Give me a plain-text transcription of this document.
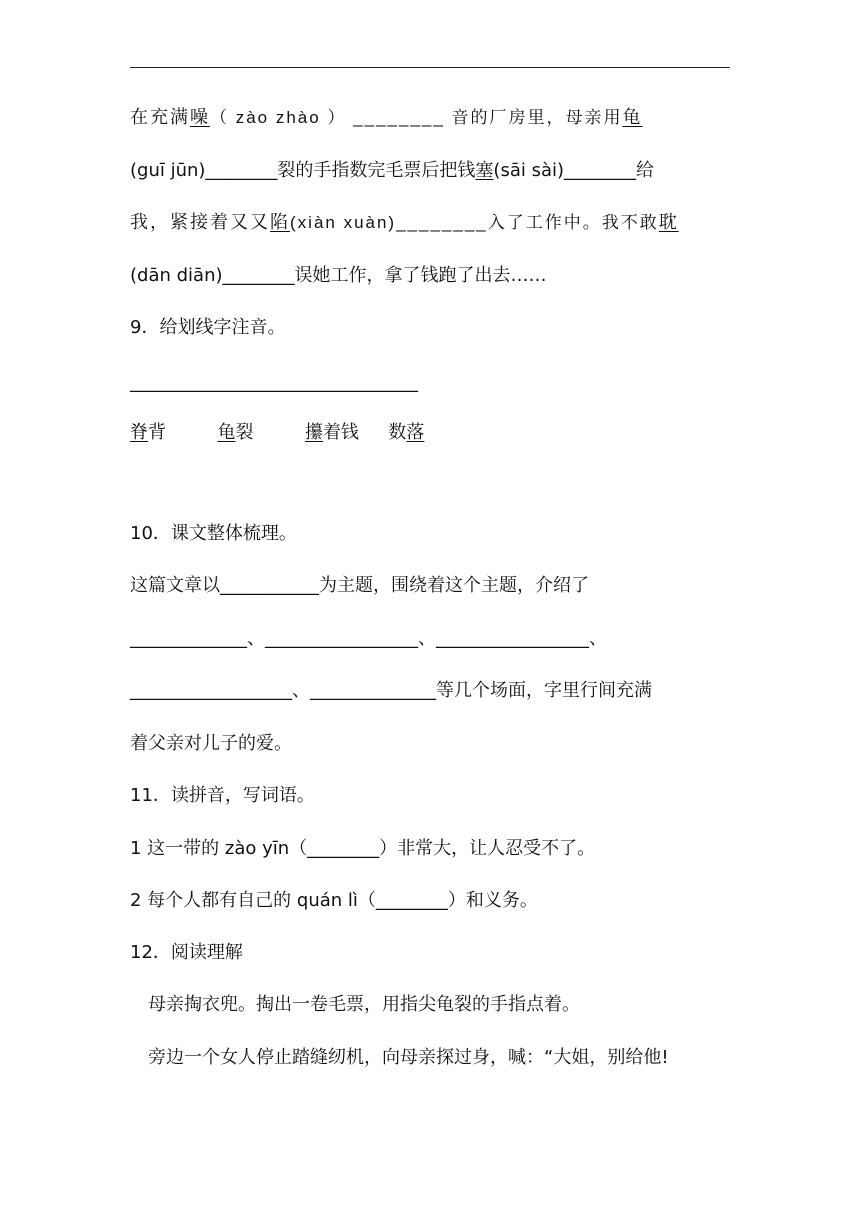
在充满噪（ zào zhào ） ________ 音的厂房里，母亲用龟
(guī jūn)________裂的手指数完毛票后把钱塞(sāi sài)________给
我，紧接着又又陷(xiàn xuàn)________入了工作中。我不敢耽
(dān diān)________误她工作，拿了钱跑了出去……
9．给划线字注音。
________________________________
脊背	龟裂	攥着钱 数落
10．课文整体梳理。
这篇文章以___________为主题，围绕着这个主题，介绍了
_____________、_________________、_________________、
__________________、______________等几个场面，字里行间充满
着父亲对儿子的爱。
11．读拼音，写词语。
1 这一带的 zào yīn（________）非常大，让人忍受不了。
2 每个人都有自己的 quán lì（________）和义务。
12．阅读理解
母亲掏衣兜。掏出一卷毛票，用指尖龟裂的手指点着。
旁边一个女人停止踏缝纫机，向母亲探过身，喊：“大姐，别给他!
